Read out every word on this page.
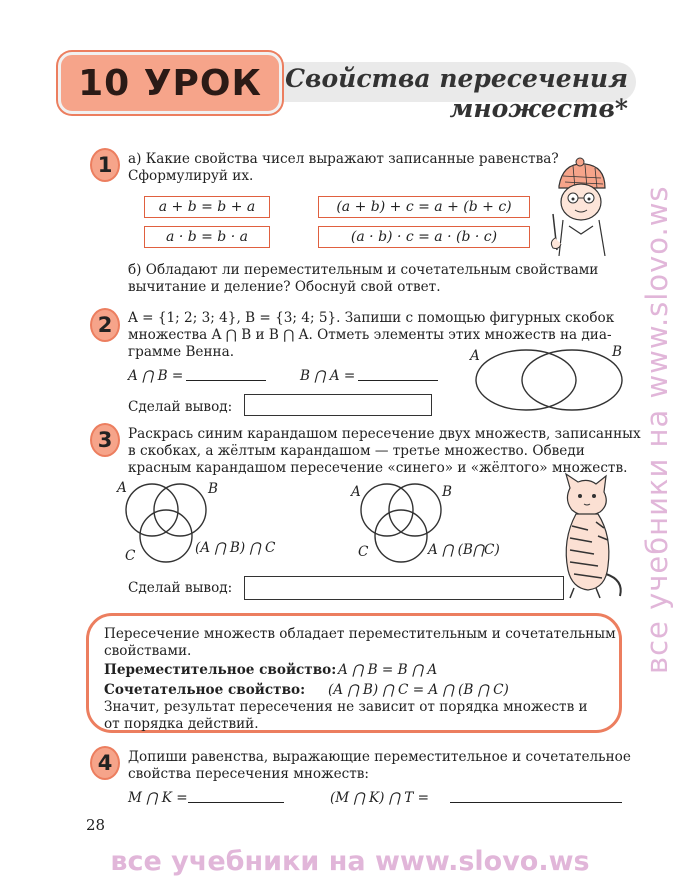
10 УРОК Свойства пересечения
множеств*
1	а) Какие свойства чисел выражают записанные равенства?
Сформулируй их.
a + b = b + a	(a + b) + c = a + (b + c)
a · b = b · a	(a · b) · c = a · (b · c)
б) Обладают ли переместительным и сочетательным свойствами
вычитание и деление? Обоснуй свой ответ.
2	A = {1; 2; 3; 4}, B = {3; 4; 5}. Запиши с помощью фигурных скобок
множества A ⋂ B и B ⋂ A. Отметь элементы этих множеств на диа-
грамме Венна.
A ⋂ B =	B ⋂ A =
Сделай вывод:
A	B
3	Раскрась синим карандашом пересечение двух множеств, записанных
в скобках, а жёлтым карандашом — третье множество. Обведи
красным карандашом пересечение «синего» и «жёлтого» множеств.
A	B
C	(A ⋂ B) ⋂ C
A	B
C	A ⋂ (B⋂C)
Сделай вывод:
Пересечение множеств обладает переместительным и сочетательным
свойствами.
Переместительное свойство: A ⋂ B = B ⋂ A
Сочетательное свойство: (A ⋂ B) ⋂ C = A ⋂ (B ⋂ C)
Значит, результат пересечения не зависит от порядка множеств и
от порядка действий.
4	Допиши равенства, выражающие переместительное и сочетательное
свойства пересечения множеств:
M ⋂ K =	(M ⋂ K) ⋂ T =
28
все учебники на www.slovo.ws
все учебники на www.slovo.ws
